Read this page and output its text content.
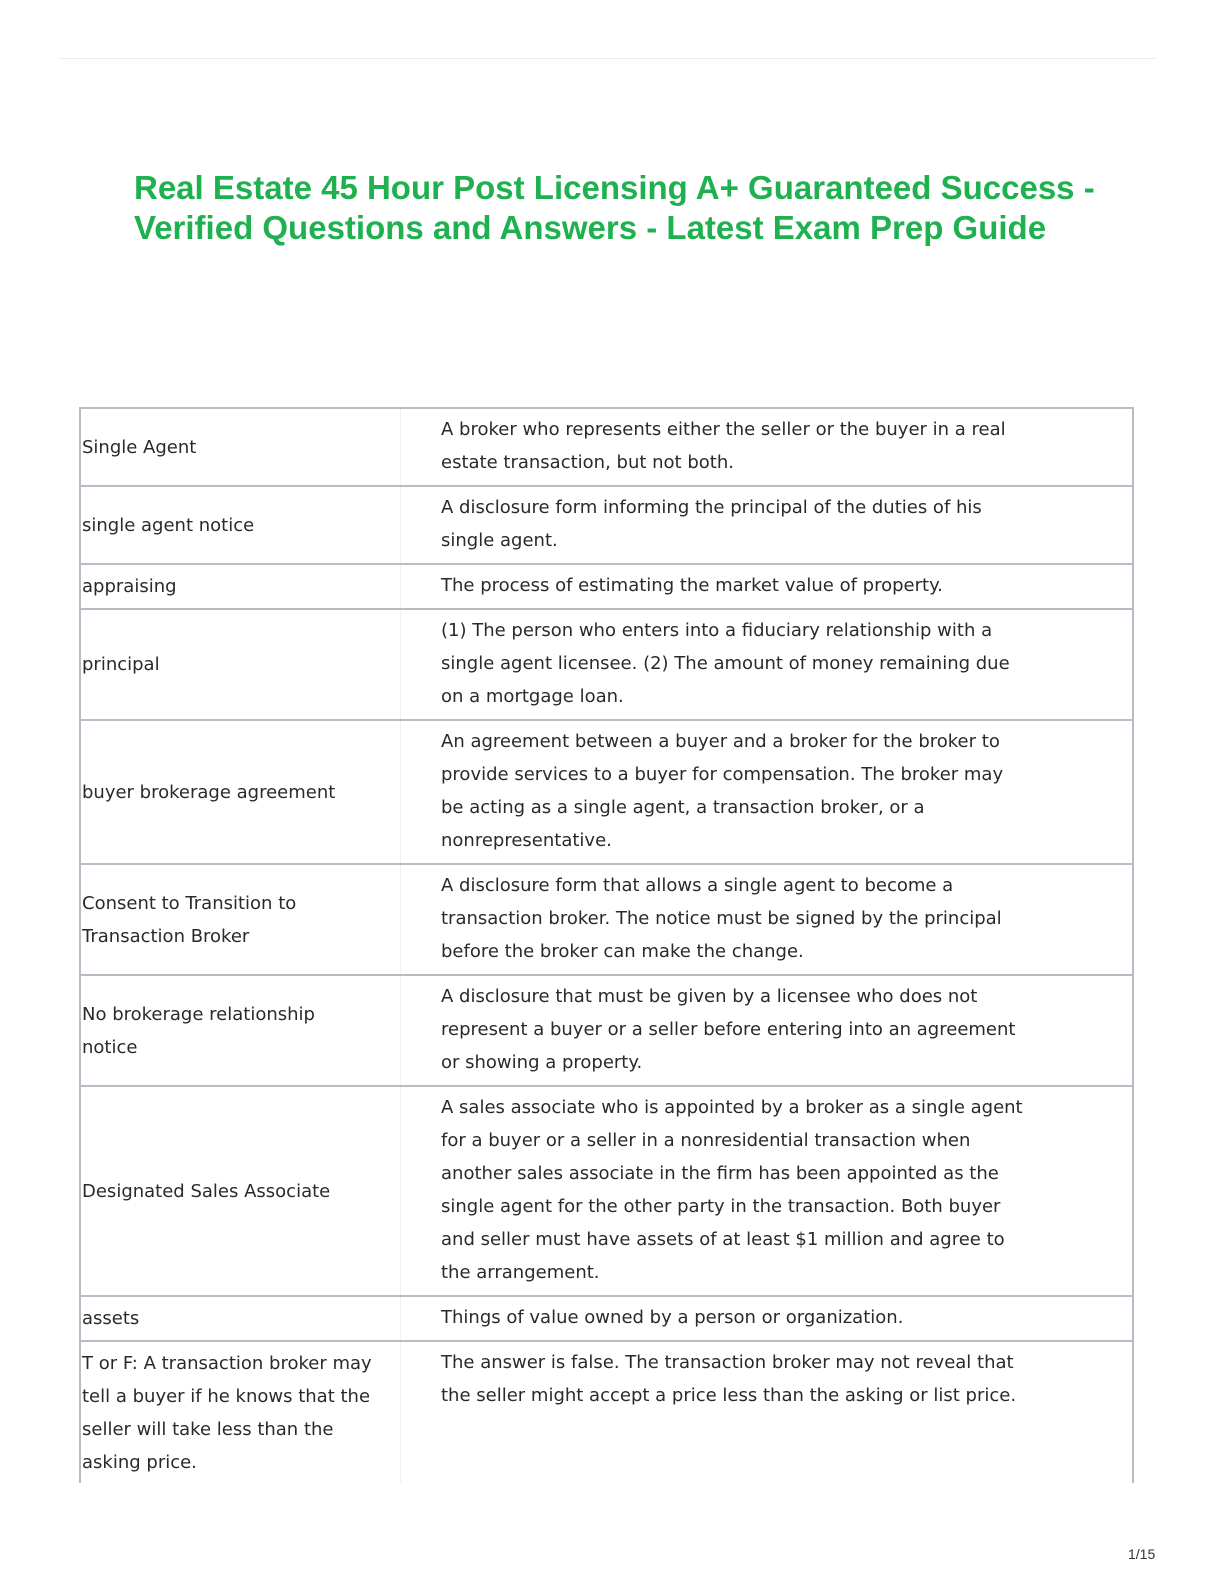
Real Estate 45 Hour Post Licensing A+ Guaranteed Success -
Verified Questions and Answers - Latest Exam Prep Guide
Single Agent
A broker who represents either the seller or the buyer in a real
estate transaction, but not both.
single agent notice
A disclosure form informing the principal of the duties of his
single agent.
appraising	The process of estimating the market value of property.
principal
(1) The person who enters into a fiduciary relationship with a
single agent licensee. (2) The amount of money remaining due
on a mortgage loan.
buyer brokerage agreement
An agreement between a buyer and a broker for the broker to
provide services to a buyer for compensation. The broker may
be acting as a single agent, a transaction broker, or a
nonrepresentative.
Consent to Transition to
Transaction Broker
A disclosure form that allows a single agent to become a
transaction broker. The notice must be signed by the principal
before the broker can make the change.
No brokerage relationship
notice
A disclosure that must be given by a licensee who does not
represent a buyer or a seller before entering into an agreement
or showing a property.
Designated Sales Associate
A sales associate who is appointed by a broker as a single agent
for a buyer or a seller in a nonresidential transaction when
another sales associate in the firm has been appointed as the
single agent for the other party in the transaction. Both buyer
and seller must have assets of at least $1 million and agree to
the arrangement.
assets	Things of value owned by a person or organization.
T or F: A transaction broker may
tell a buyer if he knows that the
seller will take less than the
asking price.
The answer is false. The transaction broker may not reveal that
the seller might accept a price less than the asking or list price.
1/15
